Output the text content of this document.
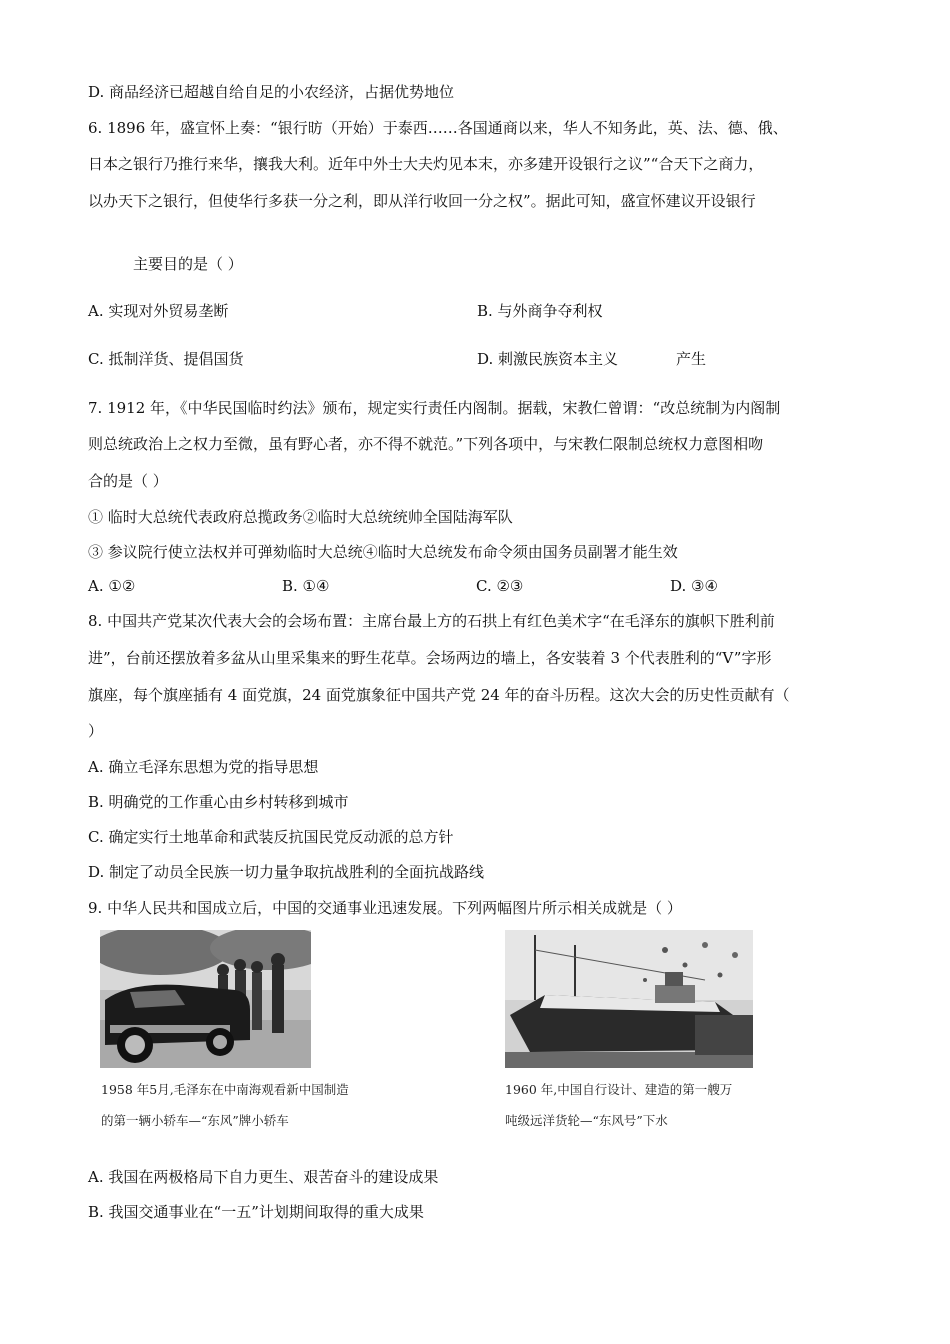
D. 商品经济已超越自给自足的小农经济，占据优势地位
6. 1896 年，盛宣怀上奏：“银行昉（开始）于泰西……各国通商以来，华人不知务此，英、法、德、俄、
日本之银行乃推行来华，攘我大利。近年中外士大夫灼见本末，亦多建开设银行之议”“合天下之商力，
以办天下之银行，但使华行多获一分之利，即从洋行收回一分之权”。据此可知，盛宣怀建议开设银行
主要目的是（ ）
A. 实现对外贸易垄断	B. 与外商争夺利权
C. 抵制洋货、提倡国货	D. 刺激民族资本主义	产生
7. 1912 年，《中华民国临时约法》颁布，规定实行责任内阁制。据载，宋教仁曾谓：“改总统制为内阁制
则总统政治上之权力至微，虽有野心者，亦不得不就范。”下列各项中，与宋教仁限制总统权力意图相吻
合的是（ ）
① 临时大总统代表政府总揽政务②临时大总统统帅全国陆海军队
③ 参议院行使立法权并可弹劾临时大总统④临时大总统发布命令须由国务员副署才能生效
A. ①②	B. ①④	C. ②③	D. ③④
8. 中国共产党某次代表大会的会场布置：主席台最上方的石拱上有红色美术字“在毛泽东的旗帜下胜利前
进”，台前还摆放着多盆从山里采集来的野生花草。会场两边的墙上，各安装着 3 个代表胜利的“V”字形
旗座，每个旗座插有 4 面党旗，24 面党旗象征中国共产党 24 年的奋斗历程。这次大会的历史性贡献有（
）
A. 确立毛泽东思想为党的指导思想
B. 明确党的工作重心由乡村转移到城市
C. 确定实行土地革命和武装反抗国民党反动派的总方针
D. 制定了动员全民族一切力量争取抗战胜利的全面抗战路线
9. 中华人民共和国成立后，中国的交通事业迅速发展。下列两幅图片所示相关成就是（ ）
1958 年5月,毛泽东在中南海观看新中国制造
的第一辆小轿车—“东风”牌小轿车
1960 年,中国自行设计、建造的第一艘万
吨级远洋货轮—“东风号”下水
A. 我国在两极格局下自力更生、艰苦奋斗的建设成果
B. 我国交通事业在“一五”计划期间取得的重大成果
